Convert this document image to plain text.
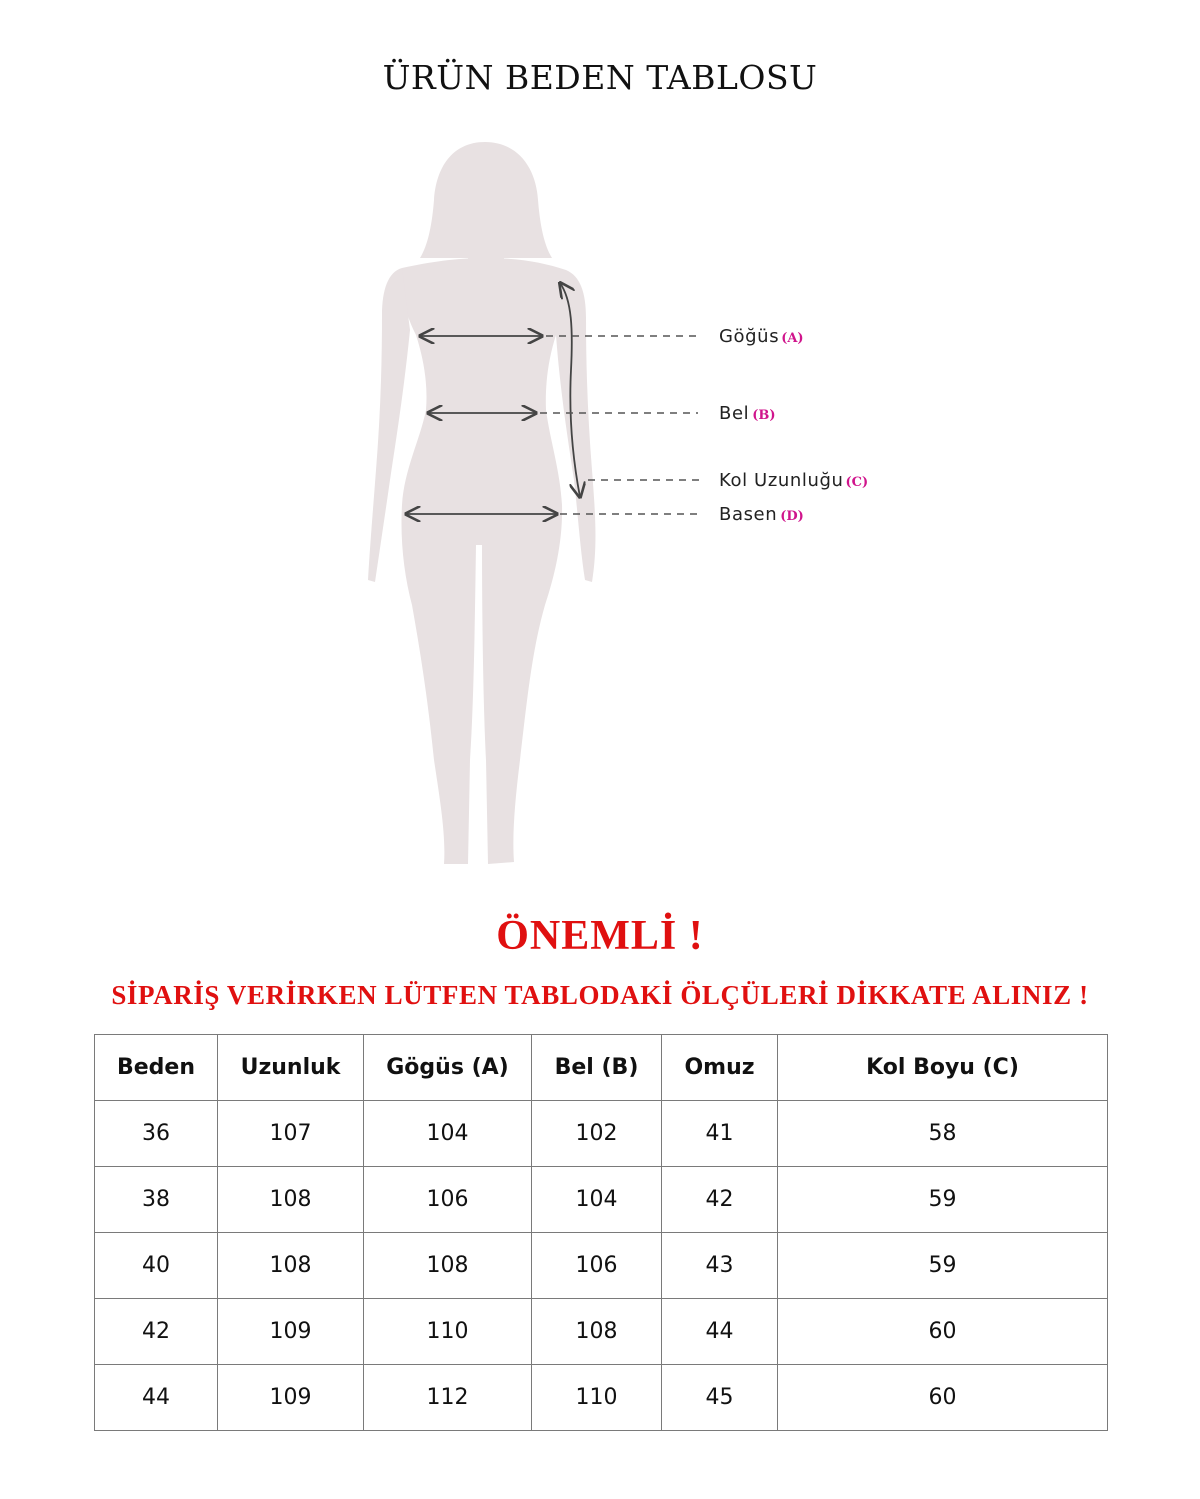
ÜRÜN BEDEN TABLOSU
Göğüs (A)
Bel (B)
Kol Uzunluğu (C)
Basen (D)
ÖNEMLİ !
SİPARİŞ VERİRKEN LÜTFEN TABLODAKİ ÖLÇÜLERİ DİKKATE ALINIZ !
Beden	Uzunluk	Gögüs (A)	Bel (B)	Omuz	Kol Boyu (C)
36	107	104	102	41	58
38	108	106	104	42	59
40	108	108	106	43	59
42	109	110	108	44	60
44	109	112	110	45	60
